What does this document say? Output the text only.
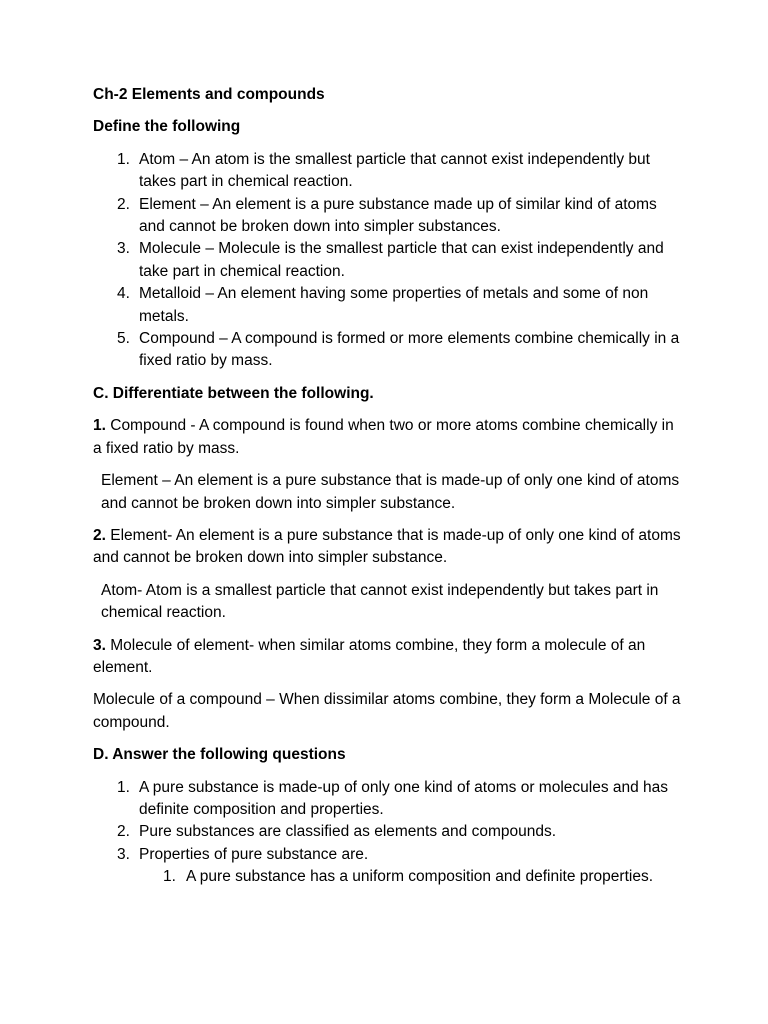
Ch-2 Elements and compounds

Define the following

1. Atom – An atom is the smallest particle that cannot exist independently but takes part in chemical reaction.
2. Element – An element is a pure substance made up of similar kind of atoms and cannot be broken down into simpler substances.
3. Molecule – Molecule is the smallest particle that can exist independently and take part in chemical reaction.
4. Metalloid – An element having some properties of metals and some of non metals.
5. Compound – A compound is formed or more elements combine chemically in a fixed ratio by mass.

C. Differentiate between the following.

1. Compound - A compound is found when two or more atoms combine chemically in a fixed ratio by mass.

Element – An element is a pure substance that is made-up of only one kind of atoms and cannot be broken down into simpler substance.

2. Element- An element is a pure substance that is made-up of only one kind of atoms and cannot be broken down into simpler substance.

Atom- Atom is a smallest particle that cannot exist independently but takes part in chemical reaction.

3. Molecule of element- when similar atoms combine, they form a molecule of an element.

Molecule of a compound – When dissimilar atoms combine, they form a Molecule of a compound.

D. Answer the following questions

1. A pure substance is made-up of only one kind of atoms or molecules and has definite composition and properties.
2. Pure substances are classified as elements and compounds.
3. Properties of pure substance are.
1. A pure substance has a uniform composition and definite properties.
